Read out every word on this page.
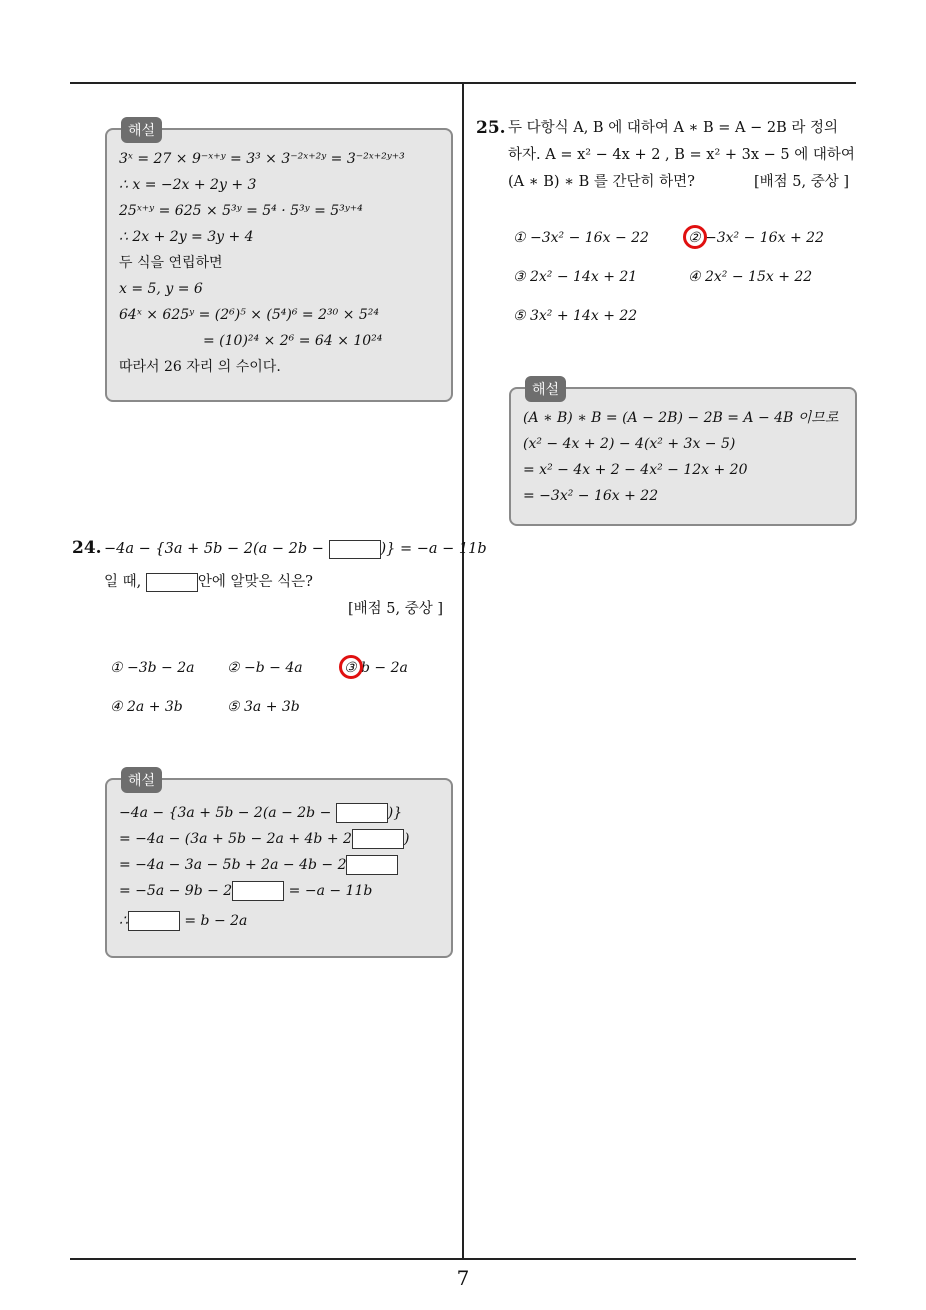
해설
3ˣ = 27 × 9⁻ˣ⁺ʸ = 3³ × 3⁻²ˣ⁺²ʸ = 3⁻²ˣ⁺²ʸ⁺³
∴ x = −2x + 2y + 3
25ˣ⁺ʸ = 625 × 5³ʸ = 5⁴ · 5³ʸ = 5³ʸ⁺⁴
∴ 2x + 2y = 3y + 4
두 식을 연립하면
x = 5, y = 6
64ˣ × 625ʸ = (2⁶)⁵ × (5⁴)⁶ = 2³⁰ × 5²⁴
= (10)²⁴ × 2⁶ = 64 × 10²⁴
따라서 26 자리 의 수이다.
24. −4a − {3a + 5b − 2(a − 2b −	)} = −a − 11b
일 때,	안에 알맞은 식은?
[배점 5, 중상 ]
① −3b − 2a ② −b − 4a	③ b − 2a
④ 2a + 3b	⑤ 3a + 3b
해설
−4a − {3a + 5b − 2(a − 2b −	)}
= −4a − (3a + 5b − 2a + 4b + 2	)
= −4a − 3a − 5b + 2a − 4b − 2
= −5a − 9b − 2	= −a − 11b
∴	= b − 2a
25. 두 다항식 A, B 에 대하여 A ∗ B = A − 2B 라 정의
하자. A = x² − 4x + 2 , B = x² + 3x − 5 에 대하여
(A ∗ B) ∗ B 를 간단히 하면?	[배점 5, 중상 ]
① −3x² − 16x − 22	② −3x² − 16x + 22
③ 2x² − 14x + 21	④ 2x² − 15x + 22
⑤ 3x² + 14x + 22
해설
(A ∗ B) ∗ B = (A − 2B) − 2B = A − 4B 이므로
(x² − 4x + 2) − 4(x² + 3x − 5)
= x² − 4x + 2 − 4x² − 12x + 20
= −3x² − 16x + 22
7
